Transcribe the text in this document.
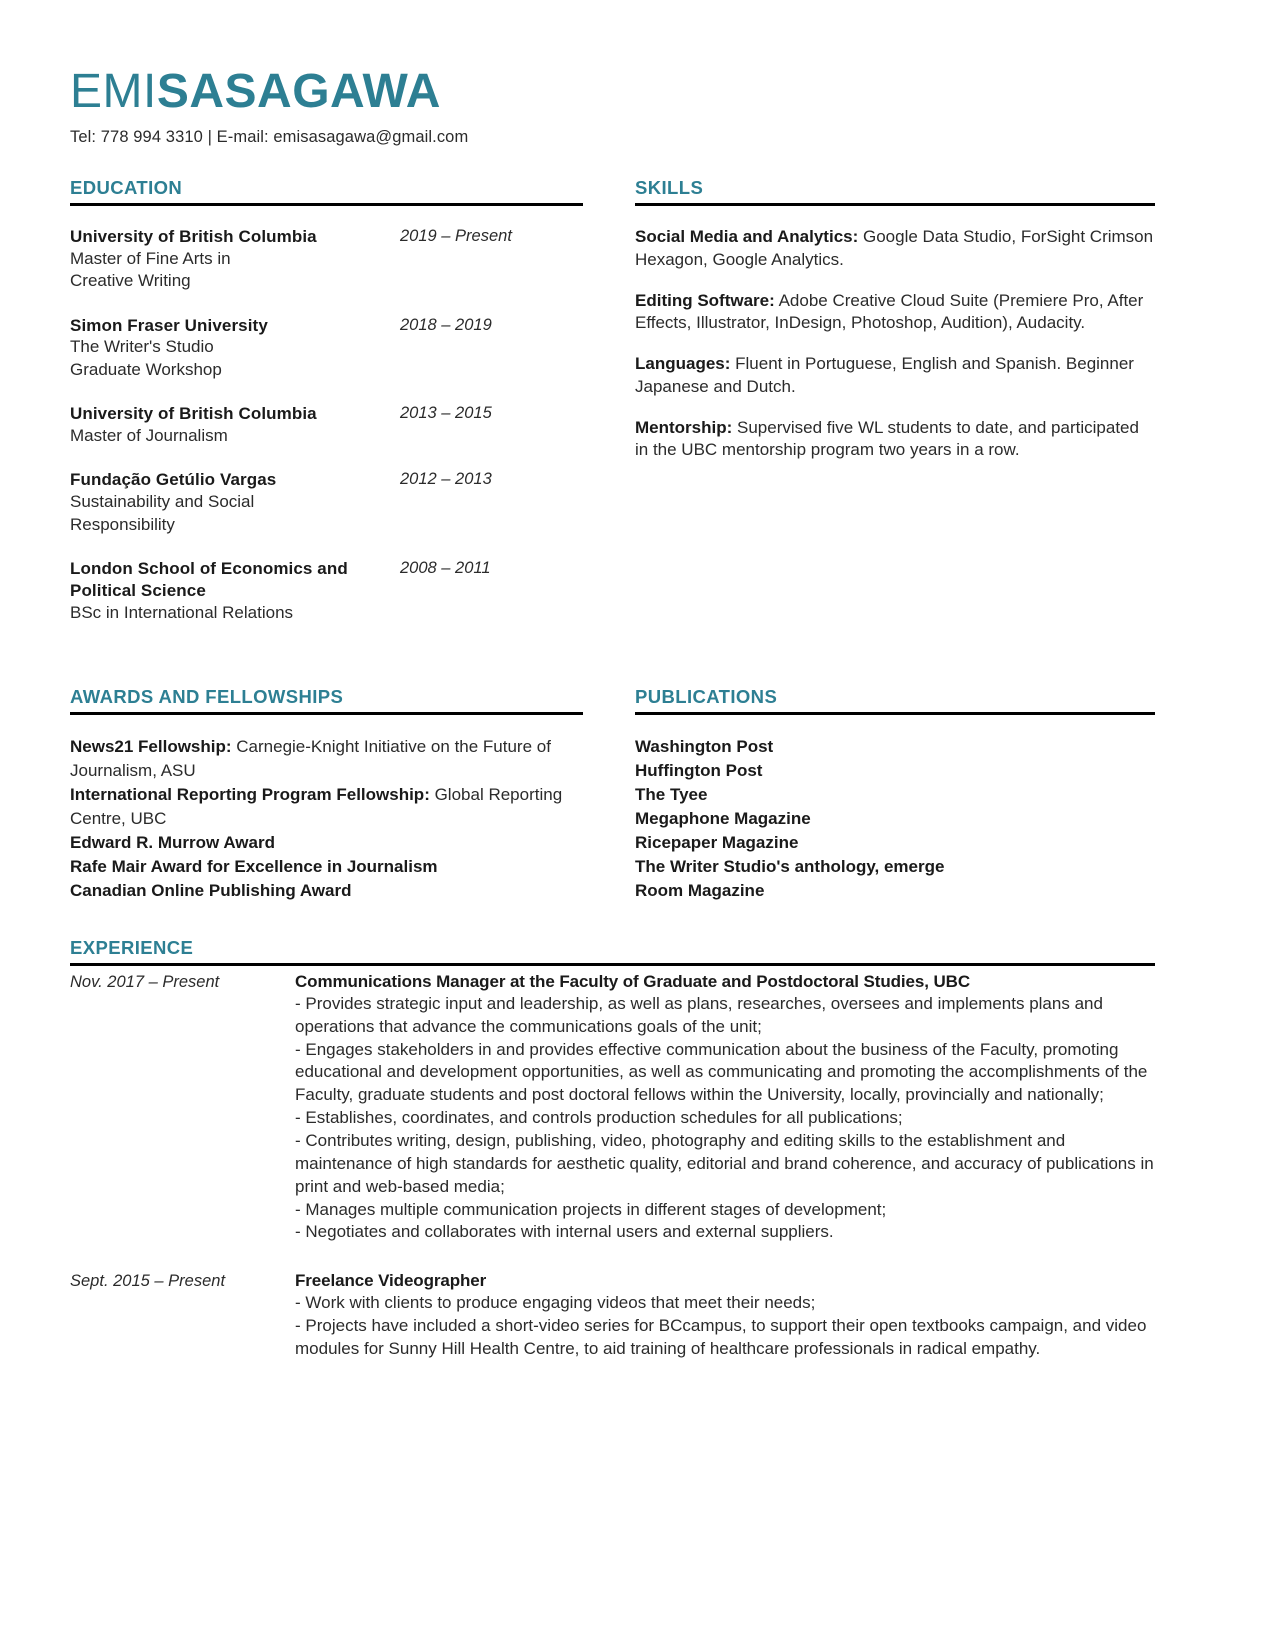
EMISASAGAWA
Tel: 778 994 3310 | E-mail: emisasagawa@gmail.com
EDUCATION
University of British Columbia
Master of Fine Arts in
Creative Writing
2019 – Present
Simon Fraser University
The Writer's Studio
Graduate Workshop
2018 – 2019
University of British Columbia
Master of Journalism
2013 – 2015
Fundação Getúlio Vargas
Sustainability and Social
Responsibility
2012 – 2013
London School of Economics and Political Science
BSc in International Relations
2008 – 2011
SKILLS

Social Media and Analytics: Google Data Studio, ForSight Crimson Hexagon, Google Analytics.

Editing Software: Adobe Creative Cloud Suite (Premiere Pro, After Effects, Illustrator, InDesign, Photoshop, Audition), Audacity.

Languages: Fluent in Portuguese, English and Spanish. Beginner Japanese and Dutch.

Mentorship: Supervised five WL students to date, and participated in the UBC mentorship program two years in a row.

AWARDS AND FELLOWSHIPS
News21 Fellowship: Carnegie-Knight Initiative on the Future of Journalism, ASU
International Reporting Program Fellowship: Global Reporting Centre, UBC
Edward R. Murrow Award
Rafe Mair Award for Excellence in Journalism
Canadian Online Publishing Award
PUBLICATIONS
Washington Post
Huffington Post
The Tyee
Megaphone Magazine
Ricepaper Magazine
The Writer Studio's anthology, emerge
Room Magazine
EXPERIENCE
Nov. 2017 – Present	Communications Manager at the Faculty of Graduate and Postdoctoral Studies, UBC
- Provides strategic input and leadership, as well as plans, researches, oversees and implements plans and operations that advance the communications goals of the unit;
- Engages stakeholders in and provides effective communication about the business of the Faculty, promoting educational and development opportunities, as well as communicating and promoting the accomplishments of the Faculty, graduate students and post doctoral fellows within the University, locally, provincially and nationally;
- Establishes, coordinates, and controls production schedules for all publications;
- Contributes writing, design, publishing, video, photography and editing skills to the establishment and maintenance of high standards for aesthetic quality, editorial and brand coherence, and accuracy of publications in print and web-based media;
- Manages multiple communication projects in different stages of development;
- Negotiates and collaborates with internal users and external suppliers.
Sept. 2015 – Present	Freelance Videographer
- Work with clients to produce engaging videos that meet their needs;
- Projects have included a short-video series for BCcampus, to support their open textbooks campaign, and video modules for Sunny Hill Health Centre, to aid training of healthcare professionals in radical empathy.
